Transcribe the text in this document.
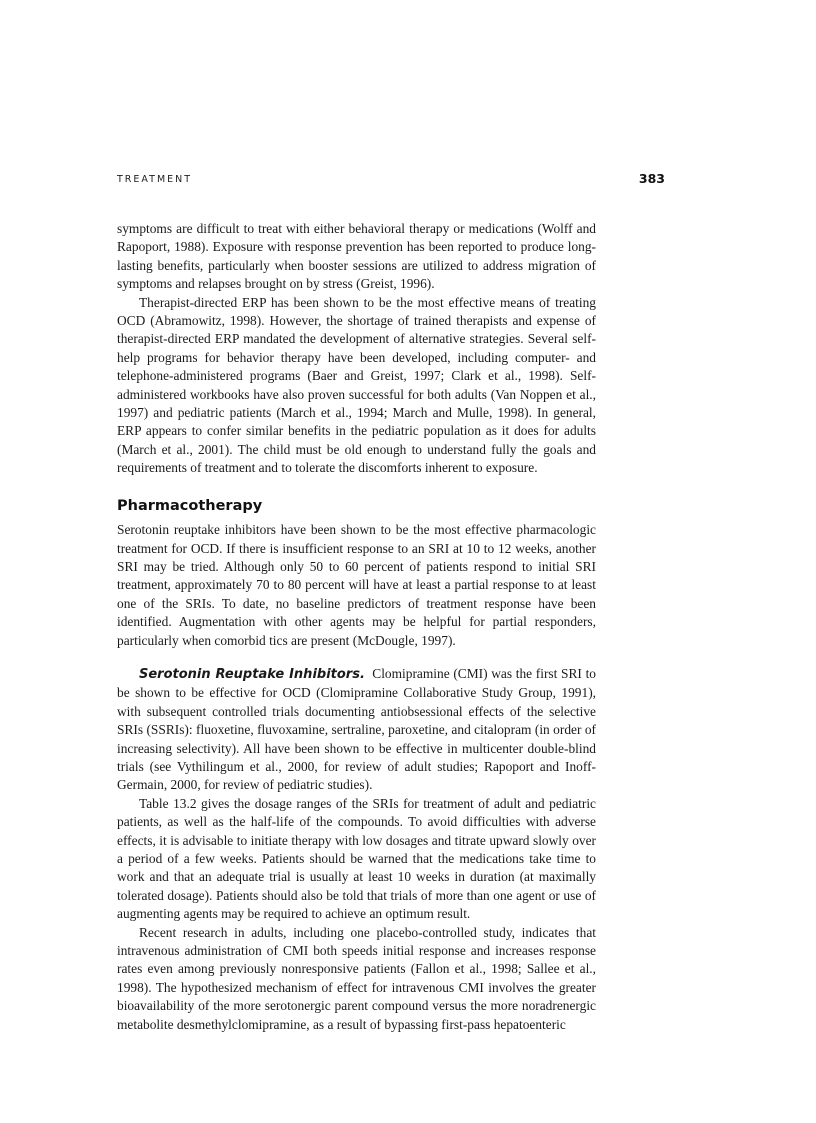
TREATMENT	383

symptoms are difficult to treat with either behavioral therapy or medications (Wolff and Rapoport, 1988). Exposure with response prevention has been reported to produce long-lasting benefits, particularly when booster sessions are utilized to address migration of symptoms and relapses brought on by stress (Greist, 1996).

Therapist-directed ERP has been shown to be the most effective means of treating OCD (Abramowitz, 1998). However, the shortage of trained therapists and expense of therapist-directed ERP mandated the development of alternative strategies. Several self-help programs for behavior therapy have been developed, including computer- and telephone-administered programs (Baer and Greist, 1997; Clark et al., 1998). Self-administered workbooks have also proven successful for both adults (Van Noppen et al., 1997) and pediatric patients (March et al., 1994; March and Mulle, 1998). In general, ERP appears to confer similar benefits in the pediatric population as it does for adults (March et al., 2001). The child must be old enough to understand fully the goals and requirements of treatment and to tolerate the discomforts inherent to exposure.

Pharmacotherapy

Serotonin reuptake inhibitors have been shown to be the most effective pharmacologic treatment for OCD. If there is insufficient response to an SRI at 10 to 12 weeks, another SRI may be tried. Although only 50 to 60 percent of patients respond to initial SRI treatment, approximately 70 to 80 percent will have at least a partial response to at least one of the SRIs. To date, no baseline predictors of treatment response have been identified. Augmentation with other agents may be helpful for partial responders, particularly when comorbid tics are present (McDougle, 1997).

Serotonin Reuptake Inhibitors. Clomipramine (CMI) was the first SRI to be shown to be effective for OCD (Clomipramine Collaborative Study Group, 1991), with subsequent controlled trials documenting antiobsessional effects of the selective SRIs (SSRIs): fluoxetine, fluvoxamine, sertraline, paroxetine, and citalopram (in order of increasing selectivity). All have been shown to be effective in multicenter double-blind trials (see Vythilingum et al., 2000, for review of adult studies; Rapoport and Inoff-Germain, 2000, for review of pediatric studies).

Table 13.2 gives the dosage ranges of the SRIs for treatment of adult and pediatric patients, as well as the half-life of the compounds. To avoid difficulties with adverse effects, it is advisable to initiate therapy with low dosages and titrate upward slowly over a period of a few weeks. Patients should be warned that the medications take time to work and that an adequate trial is usually at least 10 weeks in duration (at maximally tolerated dosage). Patients should also be told that trials of more than one agent or use of augmenting agents may be required to achieve an optimum result.

Recent research in adults, including one placebo-controlled study, indicates that intravenous administration of CMI both speeds initial response and increases response rates even among previously nonresponsive patients (Fallon et al., 1998; Sallee et al., 1998). The hypothesized mechanism of effect for intravenous CMI involves the greater bioavailability of the more serotonergic parent compound versus the more noradrenergic metabolite desmethylclomipramine, as a result of bypassing first-pass hepatoenteric
